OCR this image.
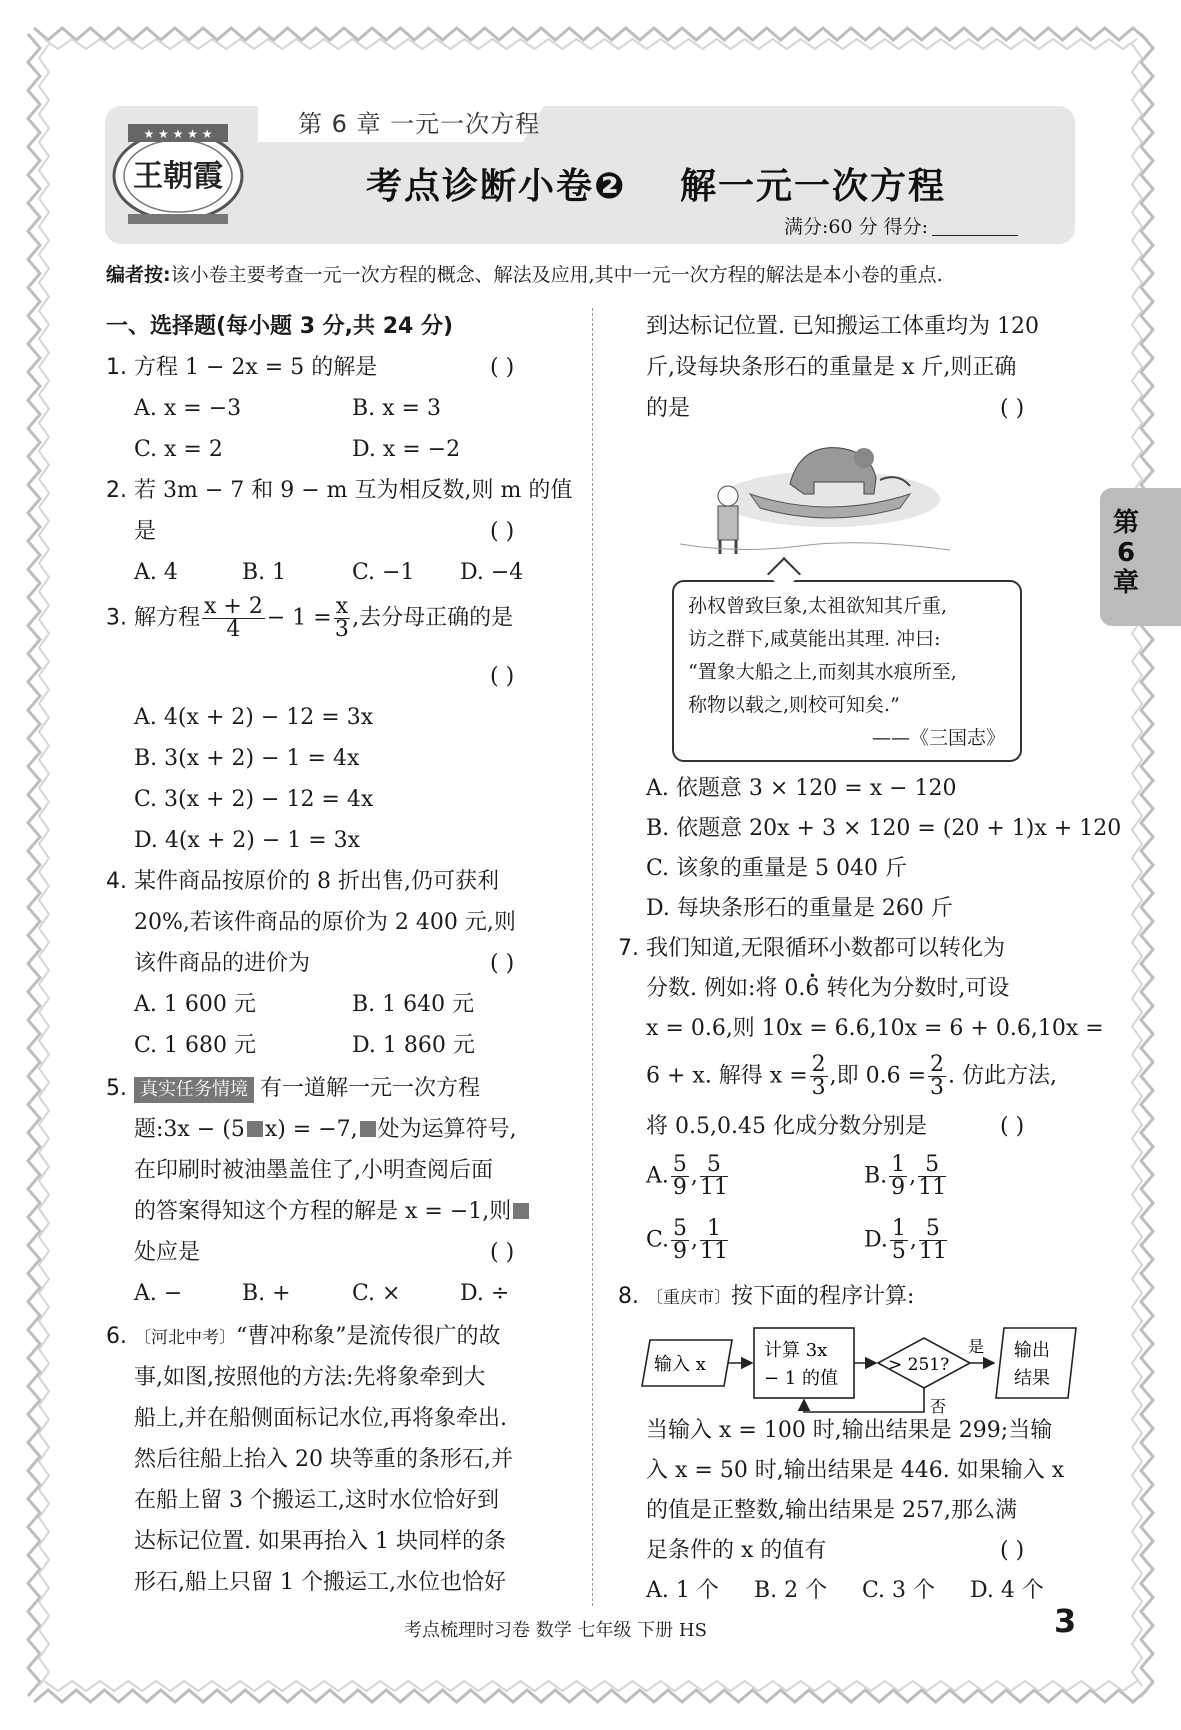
第 6 章 一元一次方程
★ ★ ★ ★ ★
王朝霞	考点诊断小卷❷ 解一元一次方程
满分:60 分 得分:
编者按:该小卷主要考查一元一次方程的概念、解法及应用,其中一元一次方程的解法是本小卷的重点.
第
6
章
一、选择题(每小题 3 分,共 24 分)
1. 方程 1 − 2x = 5 的解是	( )
A. x = −3	B. x = 3
C. x = 2	D. x = −2
2. 若 3m − 7 和 9 − m 互为相反数,则 m 的值
是	( )
A. 4	B. 1	C. −1 D. −4
3. 解方程 $\frac{x + 2}{4} - 1 = \frac{x}{3}$ ,去分母正确的是
( )
A. 4(x + 2) − 12 = 3x
B. 3(x + 2) − 1 = 4x
C. 3(x + 2) − 12 = 4x
D. 4(x + 2) − 1 = 3x
4. 某件商品按原价的 8 折出售,仍可获利
20%,若该件商品的原价为 2 400 元,则
该件商品的进价为	( )
A. 1 600 元	B. 1 640 元
C. 1 680 元	D. 1 860 元
5. 真实任务情境 有一道解一元一次方程
题:3x − (5 x) = −7, 处为运算符号,
在印刷时被油墨盖住了,小明查阅后面
的答案得知这个方程的解是 x = −1,则
处应是	( )
A. −	B. +	C. ×	D. ÷
6. 〔河北中考〕“曹冲称象”是流传很广的故
事,如图,按照他的方法:先将象牵到大
船上,并在船侧面标记水位,再将象牵出.
然后往船上抬入 20 块等重的条形石,并
在船上留 3 个搬运工,这时水位恰好到
达标记位置. 如果再抬入 1 块同样的条
形石,船上只留 1 个搬运工,水位也恰好
到达标记位置. 已知搬运工体重均为 120
斤,设每块条形石的重量是 x 斤,则正确
的是	( )
孙权曾致巨象,太祖欲知其斤重,
访之群下,咸莫能出其理. 冲曰:
“置象大船之上,而刻其水痕所至,
称物以载之,则校可知矣.”
——《三国志》
A. 依题意 3 × 120 = x − 120
B. 依题意 20x + 3 × 120 = (20 + 1)x + 120
C. 该象的重量是 5 040 斤
D. 每块条形石的重量是 260 斤
7. 我们知道,无限循环小数都可以转化为
分数. 例如:将 0.• 6 转化为分数时,可设
x = 0.6,则 10x = 6.6,10x = 6 + 0.6,10x =
6 + x. 解得 $x = \frac{2}{3}$ ,即 $0.6 = \frac{2}{3}$ . 仿此方法,
将 0.5,0.45 化成分数分别是	( )
A. $\frac{5}{9}$ , $\frac{5}{11}$	B. $\frac{1}{9}$ , $\frac{5}{11}$
C. $\frac{5}{9}$ , $\frac{1}{11}$	D. $\frac{1}{5}$ , $\frac{5}{11}$
8. 〔重庆市〕按下面的程序计算:
输入 x
计算 3x
− 1 的值
> 251?
否
是 输出
结果
当输入 x = 100 时,输出结果是 299;当输
入 x = 50 时,输出结果是 446. 如果输入 x
的值是正整数,输出结果是 257,那么满
足条件的 x 的值有	( )
A. 1 个 B. 2 个 C. 3 个 D. 4 个
考点梳理时习卷 数学 七年级 下册 HS	3
